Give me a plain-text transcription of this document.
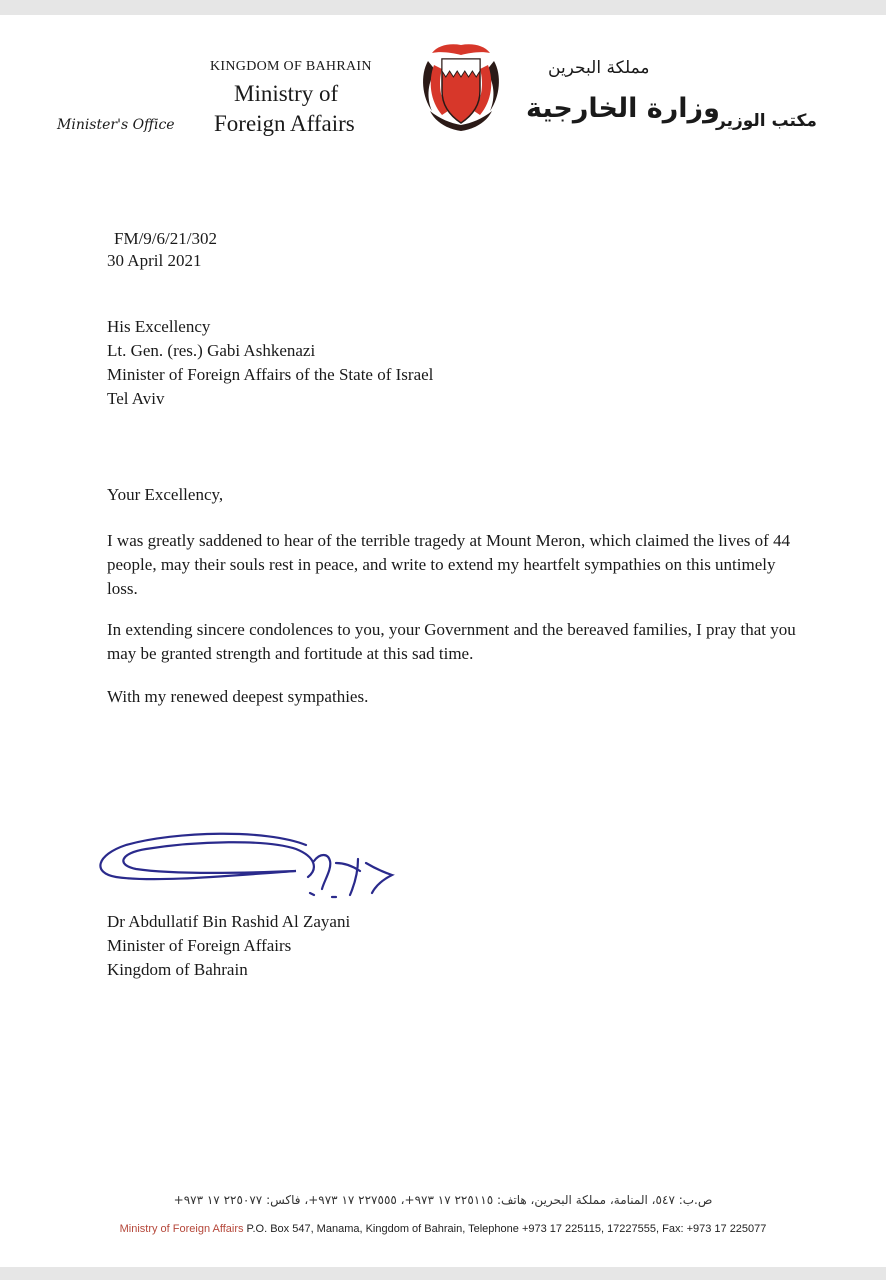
KINGDOM OF BAHRAIN
Ministry of
Foreign Affairs
Minister's Office
مملكة البحرين
وزارة الخارجية
مكتب الوزير
FM/9/6/21/302
30 April 2021
His Excellency
Lt. Gen. (res.) Gabi Ashkenazi
Minister of Foreign Affairs of the State of Israel
Tel Aviv
Your Excellency,
I was greatly saddened to hear of the terrible tragedy at Mount Meron, which claimed the lives of 44 people, may their souls rest in peace, and write to extend my heartfelt sympathies on this untimely loss.
In extending sincere condolences to you, your Government and the bereaved families, I pray that you may be granted strength and fortitude at this sad time.
With my renewed deepest sympathies.
Dr Abdullatif Bin Rashid Al Zayani
Minister of Foreign Affairs
Kingdom of Bahrain
ص.ب: ٥٤٧، المنامة، مملكة البحرين، هاتف: ٢٢٥١١٥ ١٧ ٩٧٣+، ٢٢٧٥٥٥ ١٧ ٩٧٣+، فاكس: ٢٢٥٠٧٧ ١٧ ٩٧٣+
Ministry of Foreign Affairs P.O. Box 547, Manama, Kingdom of Bahrain, Telephone +973 17 225115, 17227555, Fax: +973 17 225077
